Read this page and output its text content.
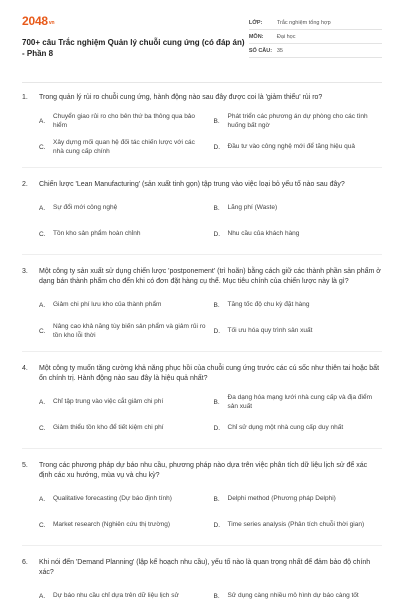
2048vn
700+ câu Trắc nghiệm Quản lý chuỗi cung ứng (có đáp án) - Phần 8
LỚP:	Trắc nghiệm tổng hợp
MÔN:	Đại học
SỐ CÂU: 35
1.	Trong quản lý rủi ro chuỗi cung ứng, hành động nào sau đây được coi là 'giảm thiểu' rủi ro?
A.
Chuyển giao rủi ro cho bên thứ ba thông qua bảo hiểm
B.
Phát triển các phương án dự phòng cho các tình huống bất ngờ
C.
Xây dựng mối quan hệ đối tác chiến lược với các nhà cung cấp chính
D.	Đầu tư vào công nghệ mới để tăng hiệu quả
2.	Chiến lược 'Lean Manufacturing' (sản xuất tinh gọn) tập trung vào việc loại bỏ yếu tố nào sau đây?
A.	Sự đổi mới công nghệ	B.	Lãng phí (Waste)
C.	Tồn kho sản phẩm hoàn chỉnh	D.	Nhu cầu của khách hàng
3.	Một công ty sản xuất sử dụng chiến lược 'postponement' (trì hoãn) bằng cách giữ các thành phần sản phẩm ở dạng bán thành phẩm cho đến khi có đơn đặt hàng cụ thể. Mục tiêu chính của chiến lược này là gì?
A.	Giảm chi phí lưu kho của thành phẩm	B.	Tăng tốc độ chu kỳ đặt hàng
C.
Nâng cao khả năng tùy biến sản phẩm và giảm rủi ro tồn kho lỗi thời
D.	Tối ưu hóa quy trình sản xuất
4.	Một công ty muốn tăng cường khả năng phục hồi của chuỗi cung ứng trước các cú sốc như thiên tai hoặc bất ổn chính trị. Hành động nào sau đây là hiệu quả nhất?
A.	Chỉ tập trung vào việc cắt giảm chi phí	B.
Đa dạng hóa mạng lưới nhà cung cấp và địa điểm sản xuất
C.	Giảm thiểu tồn kho để tiết kiệm chi phí	D.	Chỉ sử dụng một nhà cung cấp duy nhất
5.	Trong các phương pháp dự báo nhu cầu, phương pháp nào dựa trên việc phân tích dữ liệu lịch sử để xác định các xu hướng, mùa vụ và chu kỳ?
A.	Qualitative forecasting (Dự báo định tính)	B.	Delphi method (Phương pháp Delphi)
C.	Market research (Nghiên cứu thị trường)	D.	Time series analysis (Phân tích chuỗi thời gian)
6.	Khi nói đến 'Demand Planning' (lập kế hoạch nhu cầu), yếu tố nào là quan trọng nhất để đảm bảo độ chính xác?
A.	Dự báo nhu cầu chỉ dựa trên dữ liệu lịch sử	B.	Sử dụng càng nhiều mô hình dự báo càng tốt
